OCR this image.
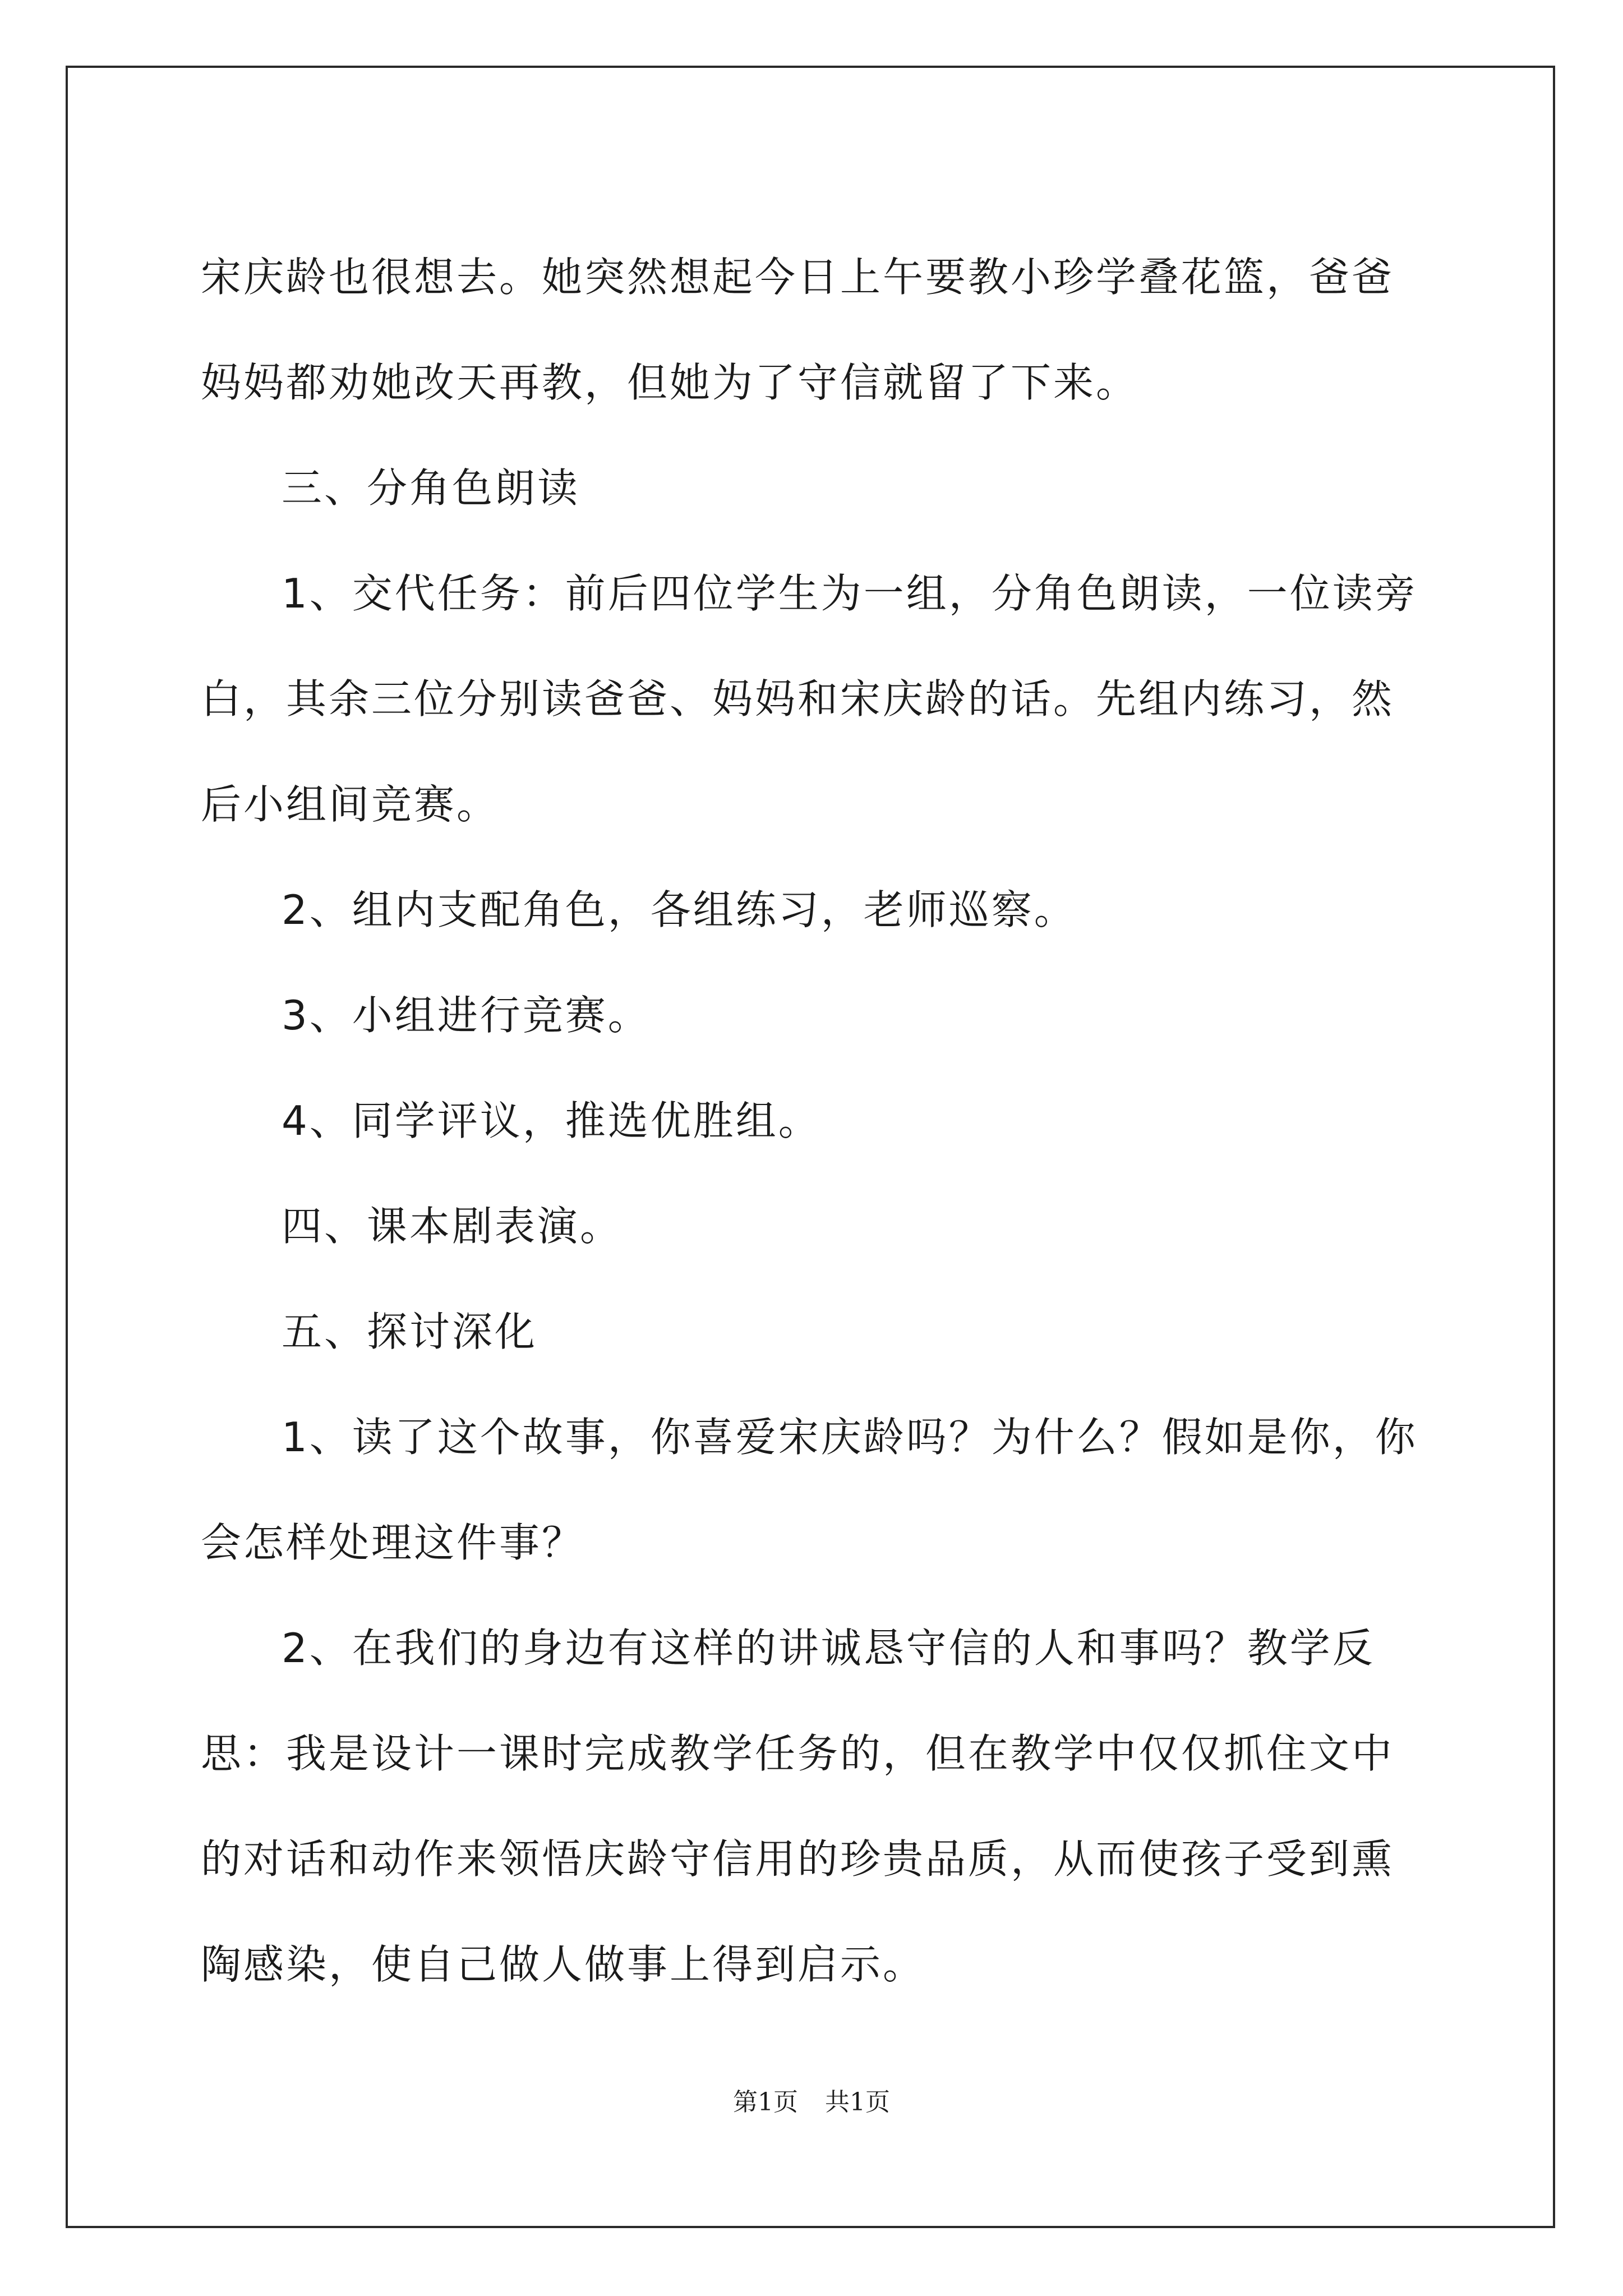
宋庆龄也很想去。她突然想起今日上午要教小珍学叠花篮，爸爸妈妈都劝她改天再教，但她为了守信就留了下来。

三、分角色朗读

1、交代任务：前后四位学生为一组，分角色朗读，一位读旁白，其余三位分别读爸爸、妈妈和宋庆龄的话。先组内练习，然后小组间竞赛。

2、组内支配角色，各组练习，老师巡察。

3、小组进行竞赛。

4、同学评议，推选优胜组。

四、课本剧表演。

五、探讨深化

1、读了这个故事，你喜爱宋庆龄吗？为什么？假如是你，你会怎样处理这件事？

2、在我们的身边有这样的讲诚恳守信的人和事吗？教学反思：我是设计一课时完成教学任务的，但在教学中仅仅抓住文中的对话和动作来领悟庆龄守信用的珍贵品质，从而使孩子受到熏陶感染，使自己做人做事上得到启示。

第1页 共1页
